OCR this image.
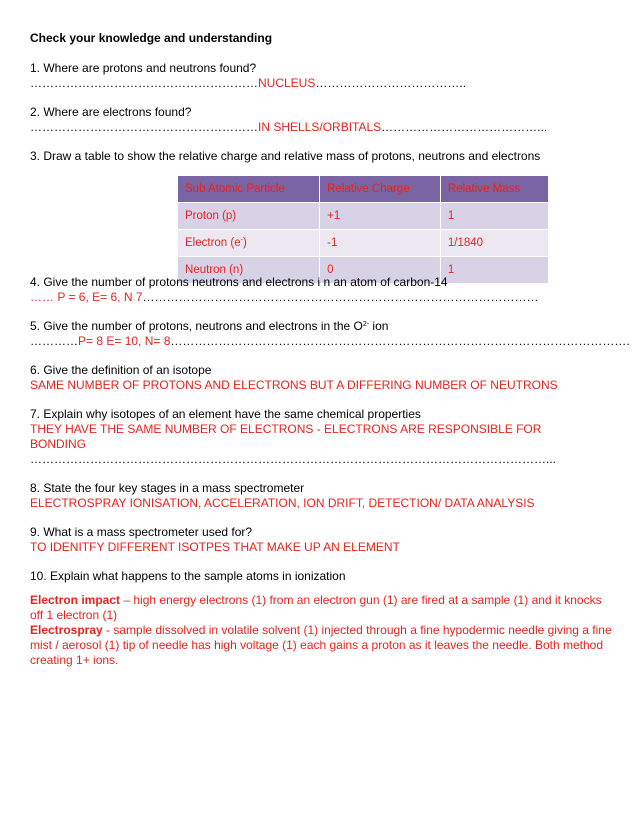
Check your knowledge and understanding
1. Where are protons and neutrons found?
…………………………………………………NUCLEUS………………………………..
2. Where are electrons found?
…………………………………………………IN SHELLS/ORBITALS…………………………………...
3. Draw a table to show the relative charge and relative mass of protons, neutrons and electrons
Sub Atomic Particle	Relative Charge	Relative Mass
Proton (p)	+1	1
Electron (e-)	-1	1/1840
Neutron (n)	0	1
4. Give the number of protons neutrons and electrons i n an atom of carbon-14
…… P = 6, E= 6, N 7………………………………………………………………………………………
5. Give the number of protons, neutrons and electrons in the $O^{2-}$ ion
…………P= 8 E= 10, N= 8…………………………………………………………………………………………………….
6. Give the definition of an isotope
SAME NUMBER OF PROTONS AND ELECTRONS BUT A DIFFERING NUMBER OF NEUTRONS
7. Explain why isotopes of an element have the same chemical properties
THEY HAVE THE SAME NUMBER OF ELECTRONS - ELECTRONS ARE RESPONSIBLE FOR
BONDING
…………………………………………………………………………………………………………………...
8. State the four key stages in a mass spectrometer
ELECTROSPRAY IONISATION, ACCELERATION, ION DRIFT, DETECTION/ DATA ANALYSIS
9. What is a mass spectrometer used for?
TO IDENITFY DIFFERENT ISOTPES THAT MAKE UP AN ELEMENT
10. Explain what happens to the sample atoms in ionization
Electron impact – high energy electrons (1) from an electron gun (1) are fired at a sample (1) and it knocks off 1 electron (1)
Electrospray - sample dissolved in volatile solvent (1) injected through a fine hypodermic needle giving a fine mist / aerosol (1) tip of needle has high voltage (1) each gains a proton as it leaves the needle. Both method creating 1+ ions.
